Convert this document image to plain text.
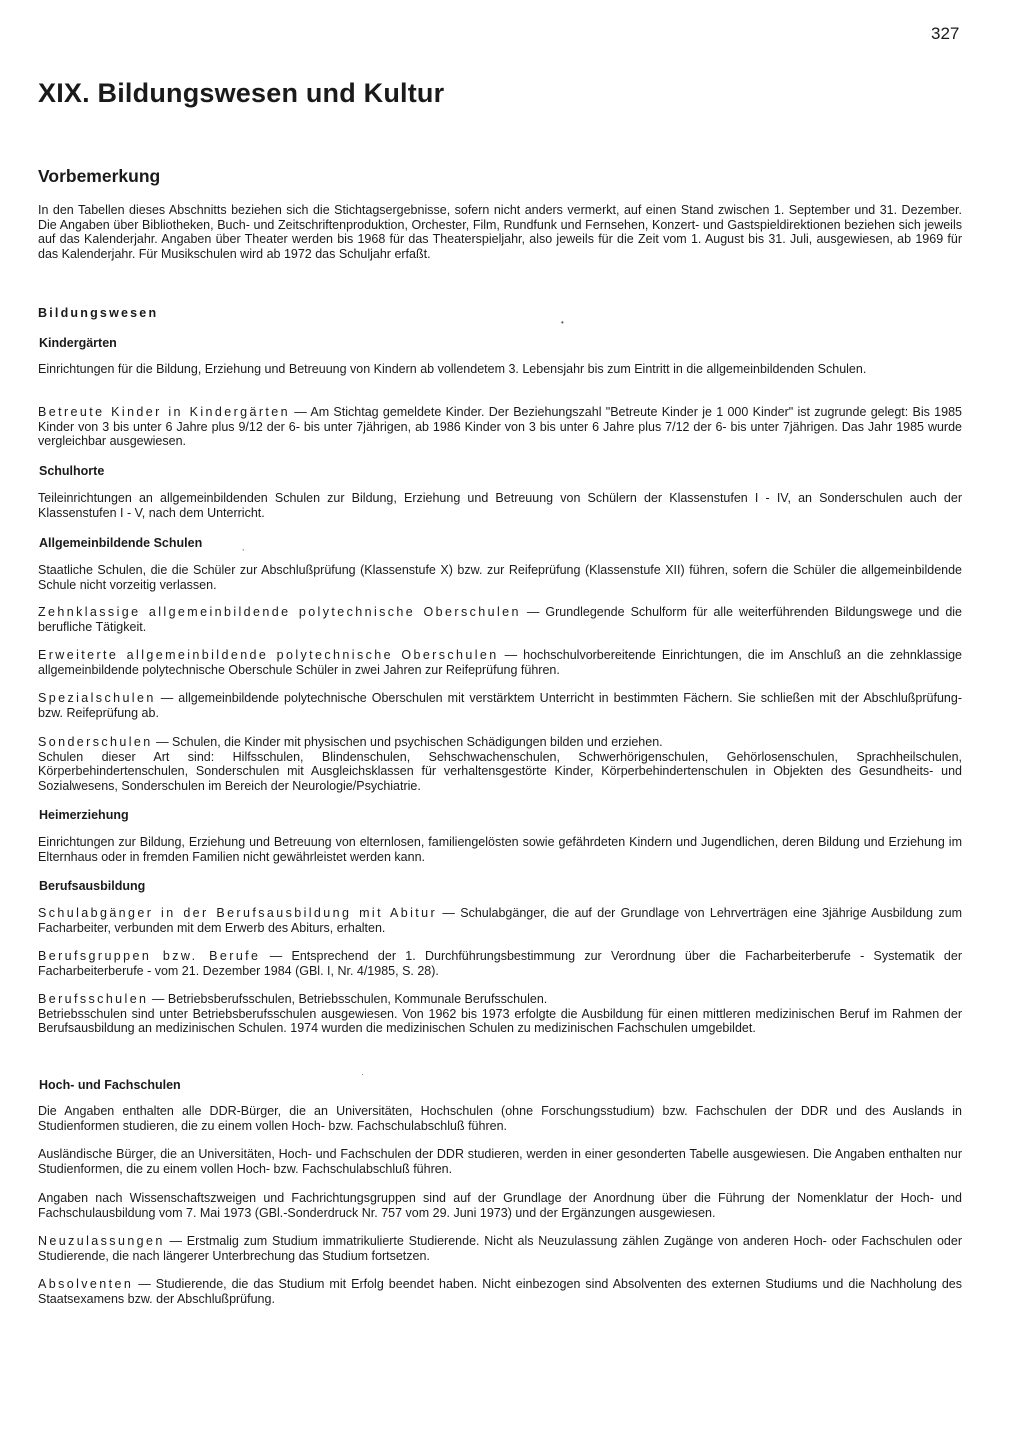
327
XIX. Bildungswesen und Kultur
Vorbemerkung

In den Tabellen dieses Abschnitts beziehen sich die Stichtagsergebnisse, sofern nicht anders vermerkt, auf einen Stand zwischen 1. September und 31. Dezember. Die Angaben über Bibliotheken, Buch- und Zeitschriftenproduktion, Orchester, Film, Rundfunk und Fernsehen, Konzert- und Gastspieldirektionen beziehen sich jeweils auf das Kalenderjahr. Angaben über Theater werden bis 1968 für das Theaterspieljahr, also jeweils für die Zeit vom 1. August bis 31. Juli, ausgewiesen, ab 1969 für das Kalenderjahr. Für Musikschulen wird ab 1972 das Schuljahr erfaßt.

Bildungswesen
•
Kindergärten

Einrichtungen für die Bildung, Erziehung und Betreuung von Kindern ab vollendetem 3. Lebensjahr bis zum Eintritt in die allgemeinbildenden Schulen.

Betreute Kinder in Kindergärten — Am Stichtag gemeldete Kinder. Der Beziehungszahl "Betreute Kinder je 1 000 Kinder" ist zugrunde gelegt: Bis 1985 Kinder von 3 bis unter 6 Jahre plus 9/12 der 6- bis unter 7jährigen, ab 1986 Kinder von 3 bis unter 6 Jahre plus 7/12 der 6- bis unter 7jährigen. Das Jahr 1985 wurde vergleichbar ausgewiesen.

Schulhorte

Teileinrichtungen an allgemeinbildenden Schulen zur Bildung, Erziehung und Betreuung von Schülern der Klassenstufen I - IV, an Sonderschulen auch der Klassenstufen I - V, nach dem Unterricht.

Allgemeinbildende Schulen	,

Staatliche Schulen, die die Schüler zur Abschlußprüfung (Klassenstufe X) bzw. zur Reifeprüfung (Klassenstufe XII) führen, sofern die Schüler die allgemeinbildende Schule nicht vorzeitig verlassen.

Zehnklassige allgemeinbildende polytechnische Oberschulen — Grundlegende Schulform für alle weiterführenden Bildungswege und die berufliche Tätigkeit.

Erweiterte allgemeinbildende polytechnische Oberschulen — hochschulvorbereitende Einrichtungen, die im Anschluß an die zehnklassige allgemeinbildende polytechnische Oberschule Schüler in zwei Jahren zur Reifeprüfung führen.

Spezialschulen — allgemeinbildende polytechnische Oberschulen mit verstärktem Unterricht in bestimmten Fächern. Sie schließen mit der Abschlußprüfung- bzw. Reifeprüfung ab.

Sonderschulen — Schulen, die Kinder mit physischen und psychischen Schädigungen bilden und erziehen.
Schulen dieser Art sind: Hilfsschulen, Blindenschulen, Sehschwachenschulen, Schwerhörigenschulen, Gehörlosenschulen, Sprachheilschulen, Körperbehindertenschulen, Sonderschulen mit Ausgleichsklassen für verhaltensgestörte Kinder, Körperbehindertenschulen in Objekten des Gesundheits- und Sozialwesens, Sonderschulen im Bereich der Neurologie/Psychiatrie.

Heimerziehung

Einrichtungen zur Bildung, Erziehung und Betreuung von elternlosen, familiengelösten sowie gefährdeten Kindern und Jugendlichen, deren Bildung und Erziehung im Elternhaus oder in fremden Familien nicht gewährleistet werden kann.

Berufsausbildung

Schulabgänger in der Berufsausbildung mit Abitur — Schulabgänger, die auf der Grundlage von Lehrverträgen eine 3jährige Ausbildung zum Facharbeiter, verbunden mit dem Erwerb des Abiturs, erhalten.

Berufsgruppen bzw. Berufe — Entsprechend der 1. Durchführungsbestimmung zur Verordnung über die Facharbeiterberufe - Systematik der Facharbeiterberufe - vom 21. Dezember 1984 (GBl. I, Nr. 4/1985, S. 28).

Berufsschulen — Betriebsberufsschulen, Betriebsschulen, Kommunale Berufsschulen.
Betriebsschulen sind unter Betriebsberufsschulen ausgewiesen. Von 1962 bis 1973 erfolgte die Ausbildung für einen mittleren medizinischen Beruf im Rahmen der Berufsausbildung an medizinischen Schulen. 1974 wurden die medizinischen Schulen zu medizinischen Fachschulen umgebildet.

·
Hoch- und Fachschulen

Die Angaben enthalten alle DDR-Bürger, die an Universitäten, Hochschulen (ohne Forschungsstudium) bzw. Fachschulen der DDR und des Auslands in Studienformen studieren, die zu einem vollen Hoch- bzw. Fachschulabschluß führen.

Ausländische Bürger, die an Universitäten, Hoch- und Fachschulen der DDR studieren, werden in einer gesonderten Tabelle ausgewiesen. Die Angaben enthalten nur Studienformen, die zu einem vollen Hoch- bzw. Fachschulabschluß führen.

Angaben nach Wissenschaftszweigen und Fachrichtungsgruppen sind auf der Grundlage der Anordnung über die Führung der Nomenklatur der Hoch- und Fachschulausbildung vom 7. Mai 1973 (GBl.-Sonderdruck Nr. 757 vom 29. Juni 1973) und der Ergänzungen ausgewiesen.

Neuzulassungen — Erstmalig zum Studium immatrikulierte Studierende. Nicht als Neuzulassung zählen Zugänge von anderen Hoch- oder Fachschulen oder Studierende, die nach längerer Unterbrechung das Studium fortsetzen.

Absolventen — Studierende, die das Studium mit Erfolg beendet haben. Nicht einbezogen sind Absolventen des externen Studiums und die Nachholung des Staatsexamens bzw. der Abschlußprüfung.
